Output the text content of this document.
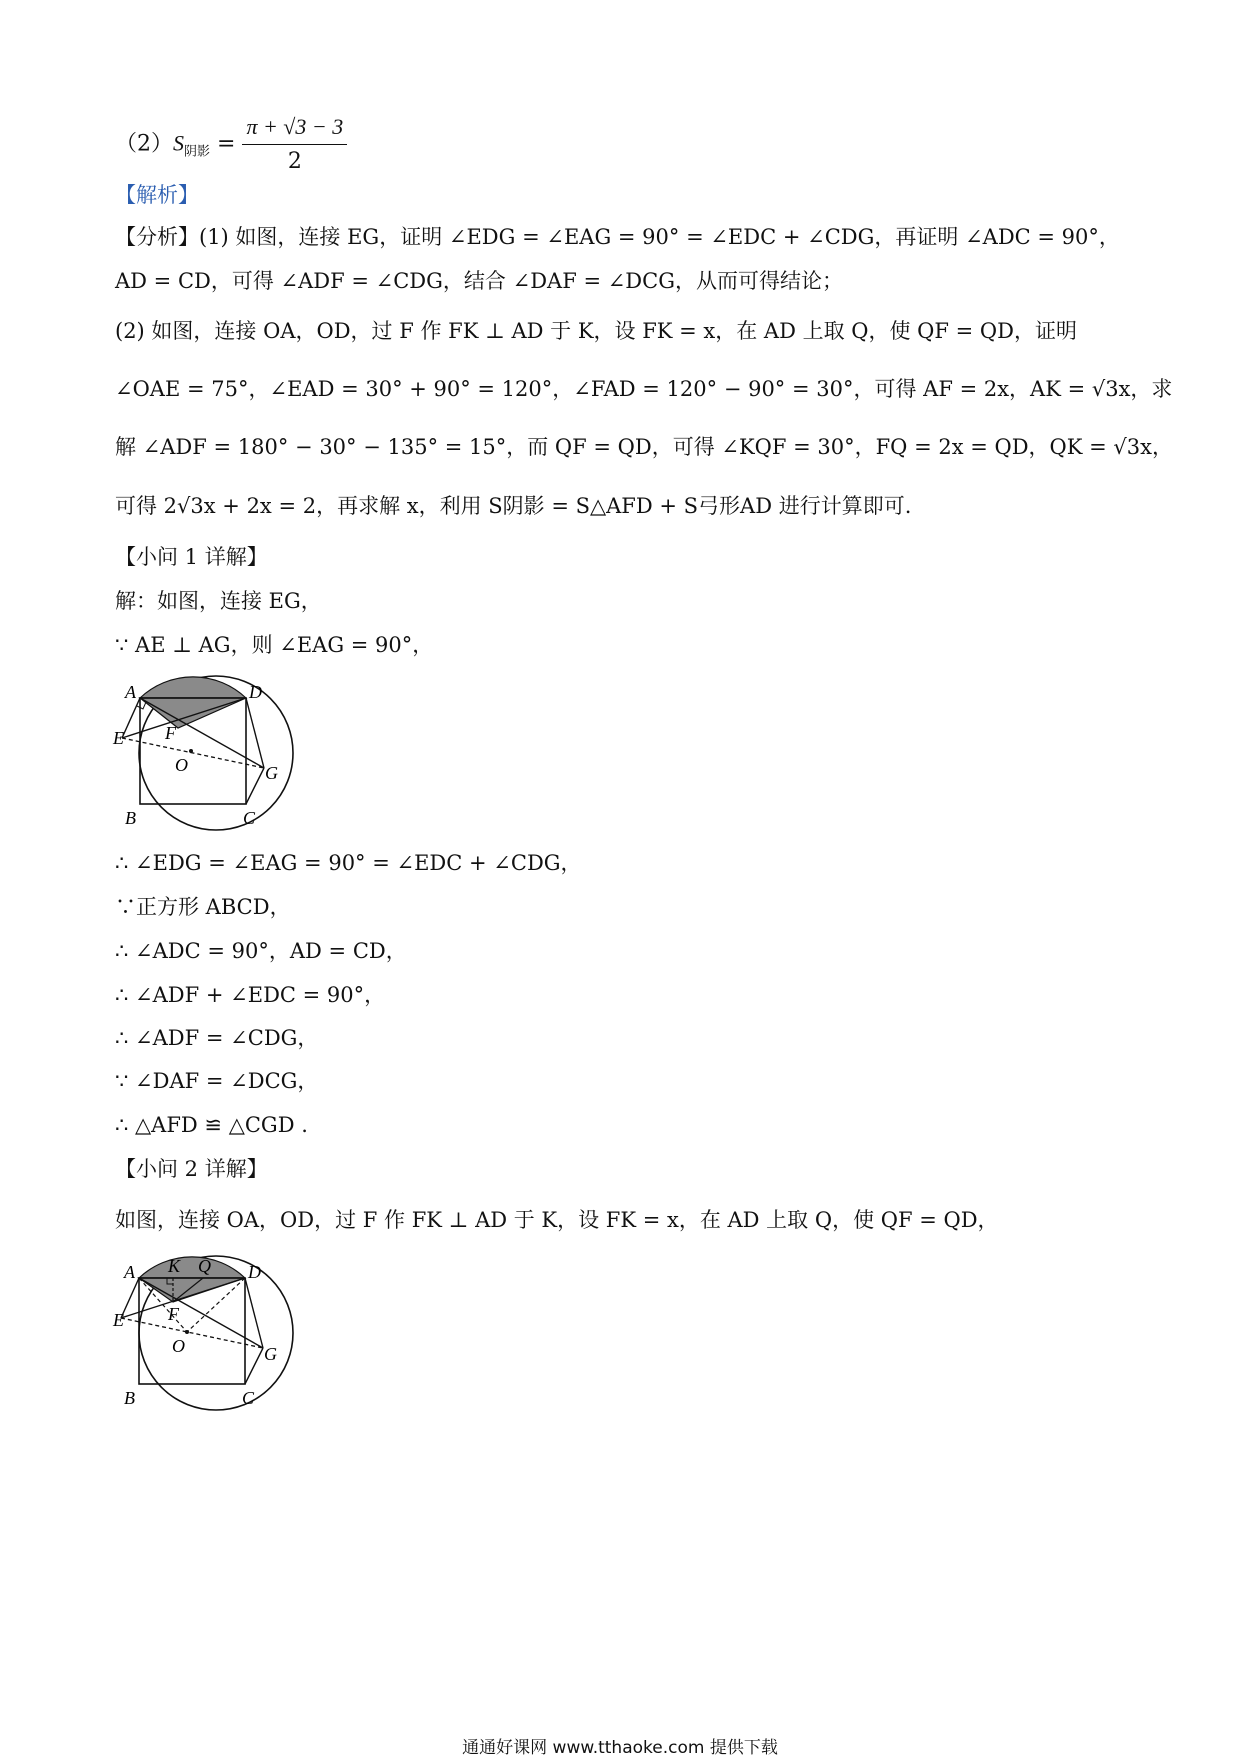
$(2)S_{阴影} = \frac{\pi + √3 - 3}{2}$
【解析】
【分析】(1) 如图，连接 EG，证明 ∠EDG = ∠EAG = 90° = ∠EDC + ∠CDG，再证明 ∠ADC = 90°，
AD = CD，可得 ∠ADF = ∠CDG，结合 ∠DAF = ∠DCG，从而可得结论；
(2) 如图，连接 OA，OD，过 F 作 FK ⊥ AD 于 K，设 FK = x，在 AD 上取 Q，使 QF = QD，证明
∠OAE = 75°，∠EAD = 30° + 90° = 120°，∠FAD = 120° − 90° = 30°，可得 AF = 2x，AK = √3x，求
解 ∠ADF = 180° − 30° − 135° = 15°，而 QF = QD，可得 ∠KQF = 30°，FQ = 2x = QD，QK = √3x，
可得 2√3x + 2x = 2，再求解 x，利用 S阴影 = S△AFD + S弓形AD 进行计算即可.
【小问 1 详解】
解：如图，连接 EG，
∵ AE ⊥ AG，则 ∠EAG = 90°，
A	D
E F
O	G
B	C
∴ ∠EDG = ∠EAG = 90° = ∠EDC + ∠CDG，
∵正方形 ABCD，
∴ ∠ADC = 90°，AD = CD，
∴ ∠ADF + ∠EDC = 90°，
∴ ∠ADF = ∠CDG，
∵ ∠DAF = ∠DCG，
∴ △AFD ≌ △CGD .
【小问 2 详解】
如图，连接 OA，OD，过 F 作 FK ⊥ AD 于 K，设 FK = x，在 AD 上取 Q，使 QF = QD，
A K Q D
E F
O	G
B	C
通通好课网 www.tthaoke.com 提供下载
